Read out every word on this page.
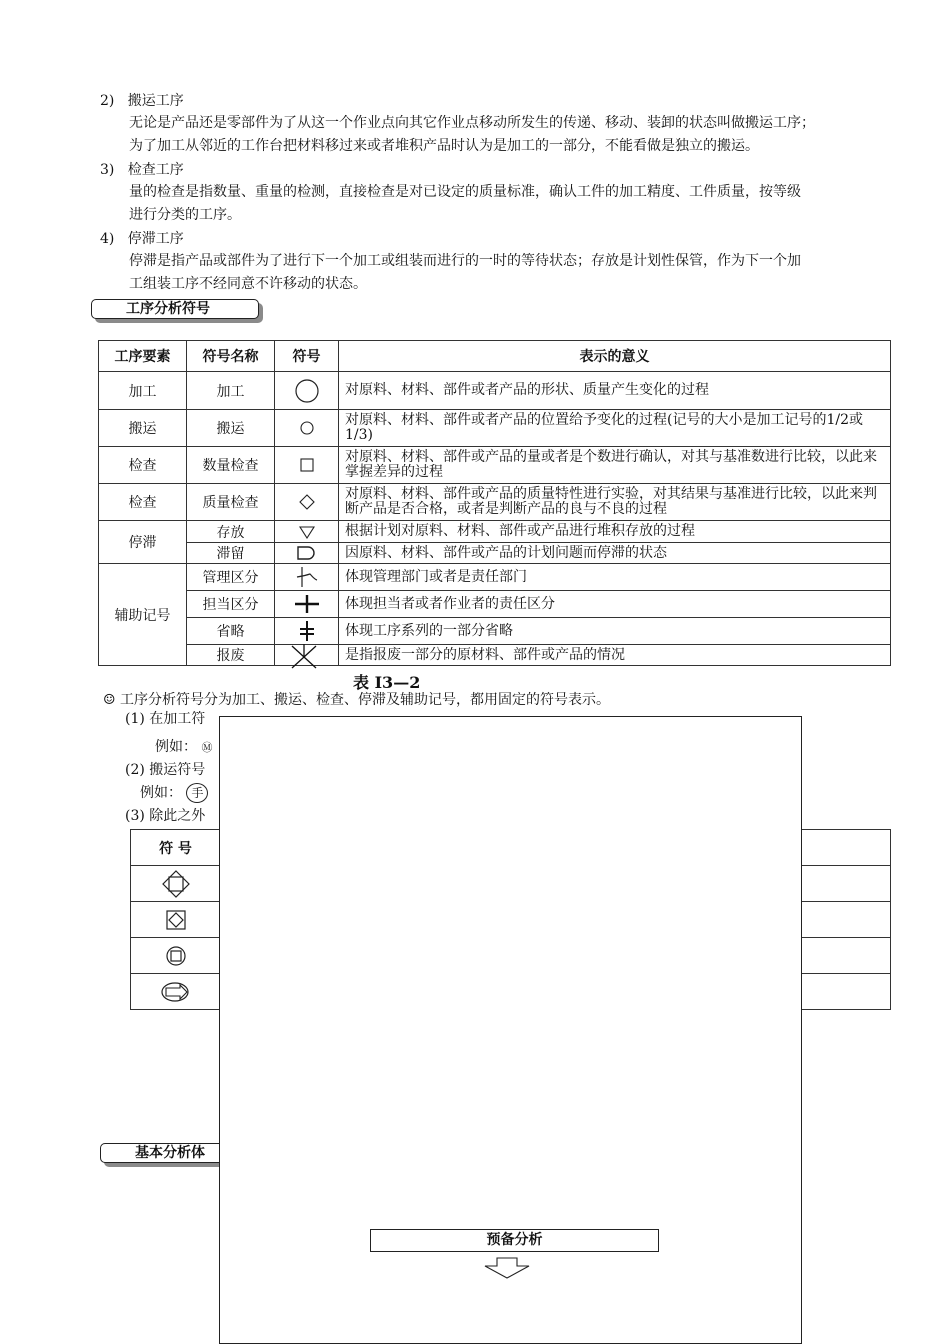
2) 搬运工序
无论是产品还是零部件为了从这一个作业点向其它作业点移动所发生的传递、移动、装卸的状态叫做搬运工序；
为了加工从邻近的工作台把材料移过来或者堆积产品时认为是加工的一部分，不能看做是独立的搬运。
3) 检查工序
量的检查是指数量、重量的检测，直接检查是对已设定的质量标准，确认工件的加工精度、工件质量，按等级
进行分类的工序。
4) 停滞工序
停滞是指产品或部件为了进行下一个加工或组装而进行的一时的等待状态；存放是计划性保管，作为下一个加
工组装工序不经同意不许移动的状态。
工序分析符号
工序要素	符号名称	符号	表示的意义
加工	加工		对原料、材料、部件或者产品的形状、质量产生变化的过程
搬运	搬运		对原料、材料、部件或者产品的位置给予变化的过程(记号的大小是加工记号的1/2或1/3)
检查	数量检查		对原料、材料、部件或产品的量或者是个数进行确认，对其与基准数进行比较，以此来掌握差异的过程
检查	质量检查		对原料、材料、部件或产品的质量特性进行实验，对其结果与基准进行比较，以此来判断产品是否合格，或者是判断产品的良与不良的过程
停滞	存放		根据计划对原料、材料、部件或产品进行堆积存放的过程
	滞留		因原料、材料、部件或产品的计划问题而停滞的状态
辅助记号	管理区分		体现管理部门或者是责任部门
	担当区分		体现担当者或者作业者的责任区分
	省略		体现工序系列的一部分省略
	报废		是指报废一部分的原材料、部件或产品的情况
表 I3—2
☺ 工序分析符号分为加工、搬运、检查、停滞及辅助记号，都用固定的符号表示。
(1) 在加工符
例如： Ⓜ
(2) 搬运符号
例如： 手
(3) 除此之外
符 号	

基本分析体
预备分析
